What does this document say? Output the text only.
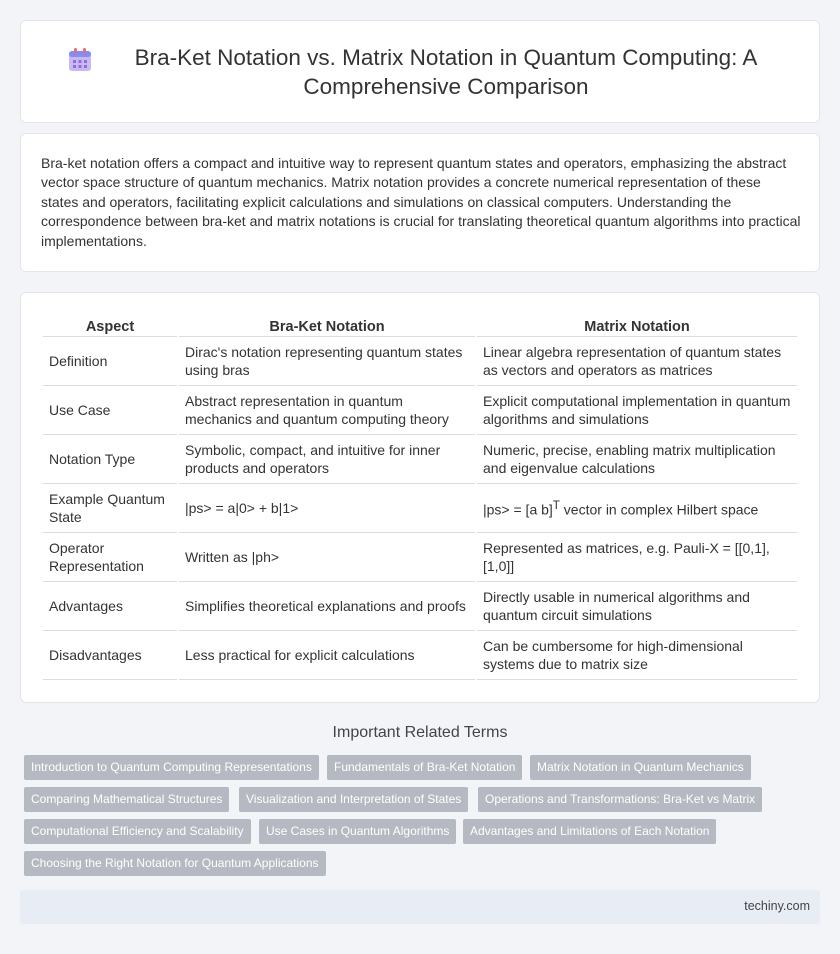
Bra-Ket Notation vs. Matrix Notation in Quantum Computing: A Comprehensive Comparison

Bra-ket notation offers a compact and intuitive way to represent quantum states and operators, emphasizing the abstract vector space structure of quantum mechanics. Matrix notation provides a concrete numerical representation of these states and operators, facilitating explicit calculations and simulations on classical computers. Understanding the correspondence between bra-ket and matrix notations is crucial for translating theoretical quantum algorithms into practical implementations.

Aspect	Bra-Ket Notation	Matrix Notation
Definition	Dirac's notation representing quantum states using bras	Linear algebra representation of quantum states as vectors and operators as matrices
Use Case	Abstract representation in quantum mechanics and quantum computing theory	Explicit computational implementation in quantum algorithms and simulations
Notation Type	Symbolic, compact, and intuitive for inner products and operators	Numeric, precise, enabling matrix multiplication and eigenvalue calculations
Example Quantum State	|ps> = a|0> + b|1>	|ps> = [a b]$^T$ vector in complex Hilbert space
Operator Representation	Written as |ph>	Represented as matrices, e.g. Pauli-X = [[0,1],[1,0]]
Advantages	Simplifies theoretical explanations and proofs	Directly usable in numerical algorithms and quantum circuit simulations
Disadvantages	Less practical for explicit calculations	Can be cumbersome for high-dimensional systems due to matrix size
Important Related Terms
Introduction to Quantum Computing Representations	Fundamentals of Bra-Ket Notation	Matrix Notation in Quantum Mechanics
Comparing Mathematical Structures	Visualization and Interpretation of States	Operations and Transformations: Bra-Ket vs Matrix
Computational Efficiency and Scalability	Use Cases in Quantum Algorithms	Advantages and Limitations of Each Notation
Choosing the Right Notation for Quantum Applications
techiny.com
